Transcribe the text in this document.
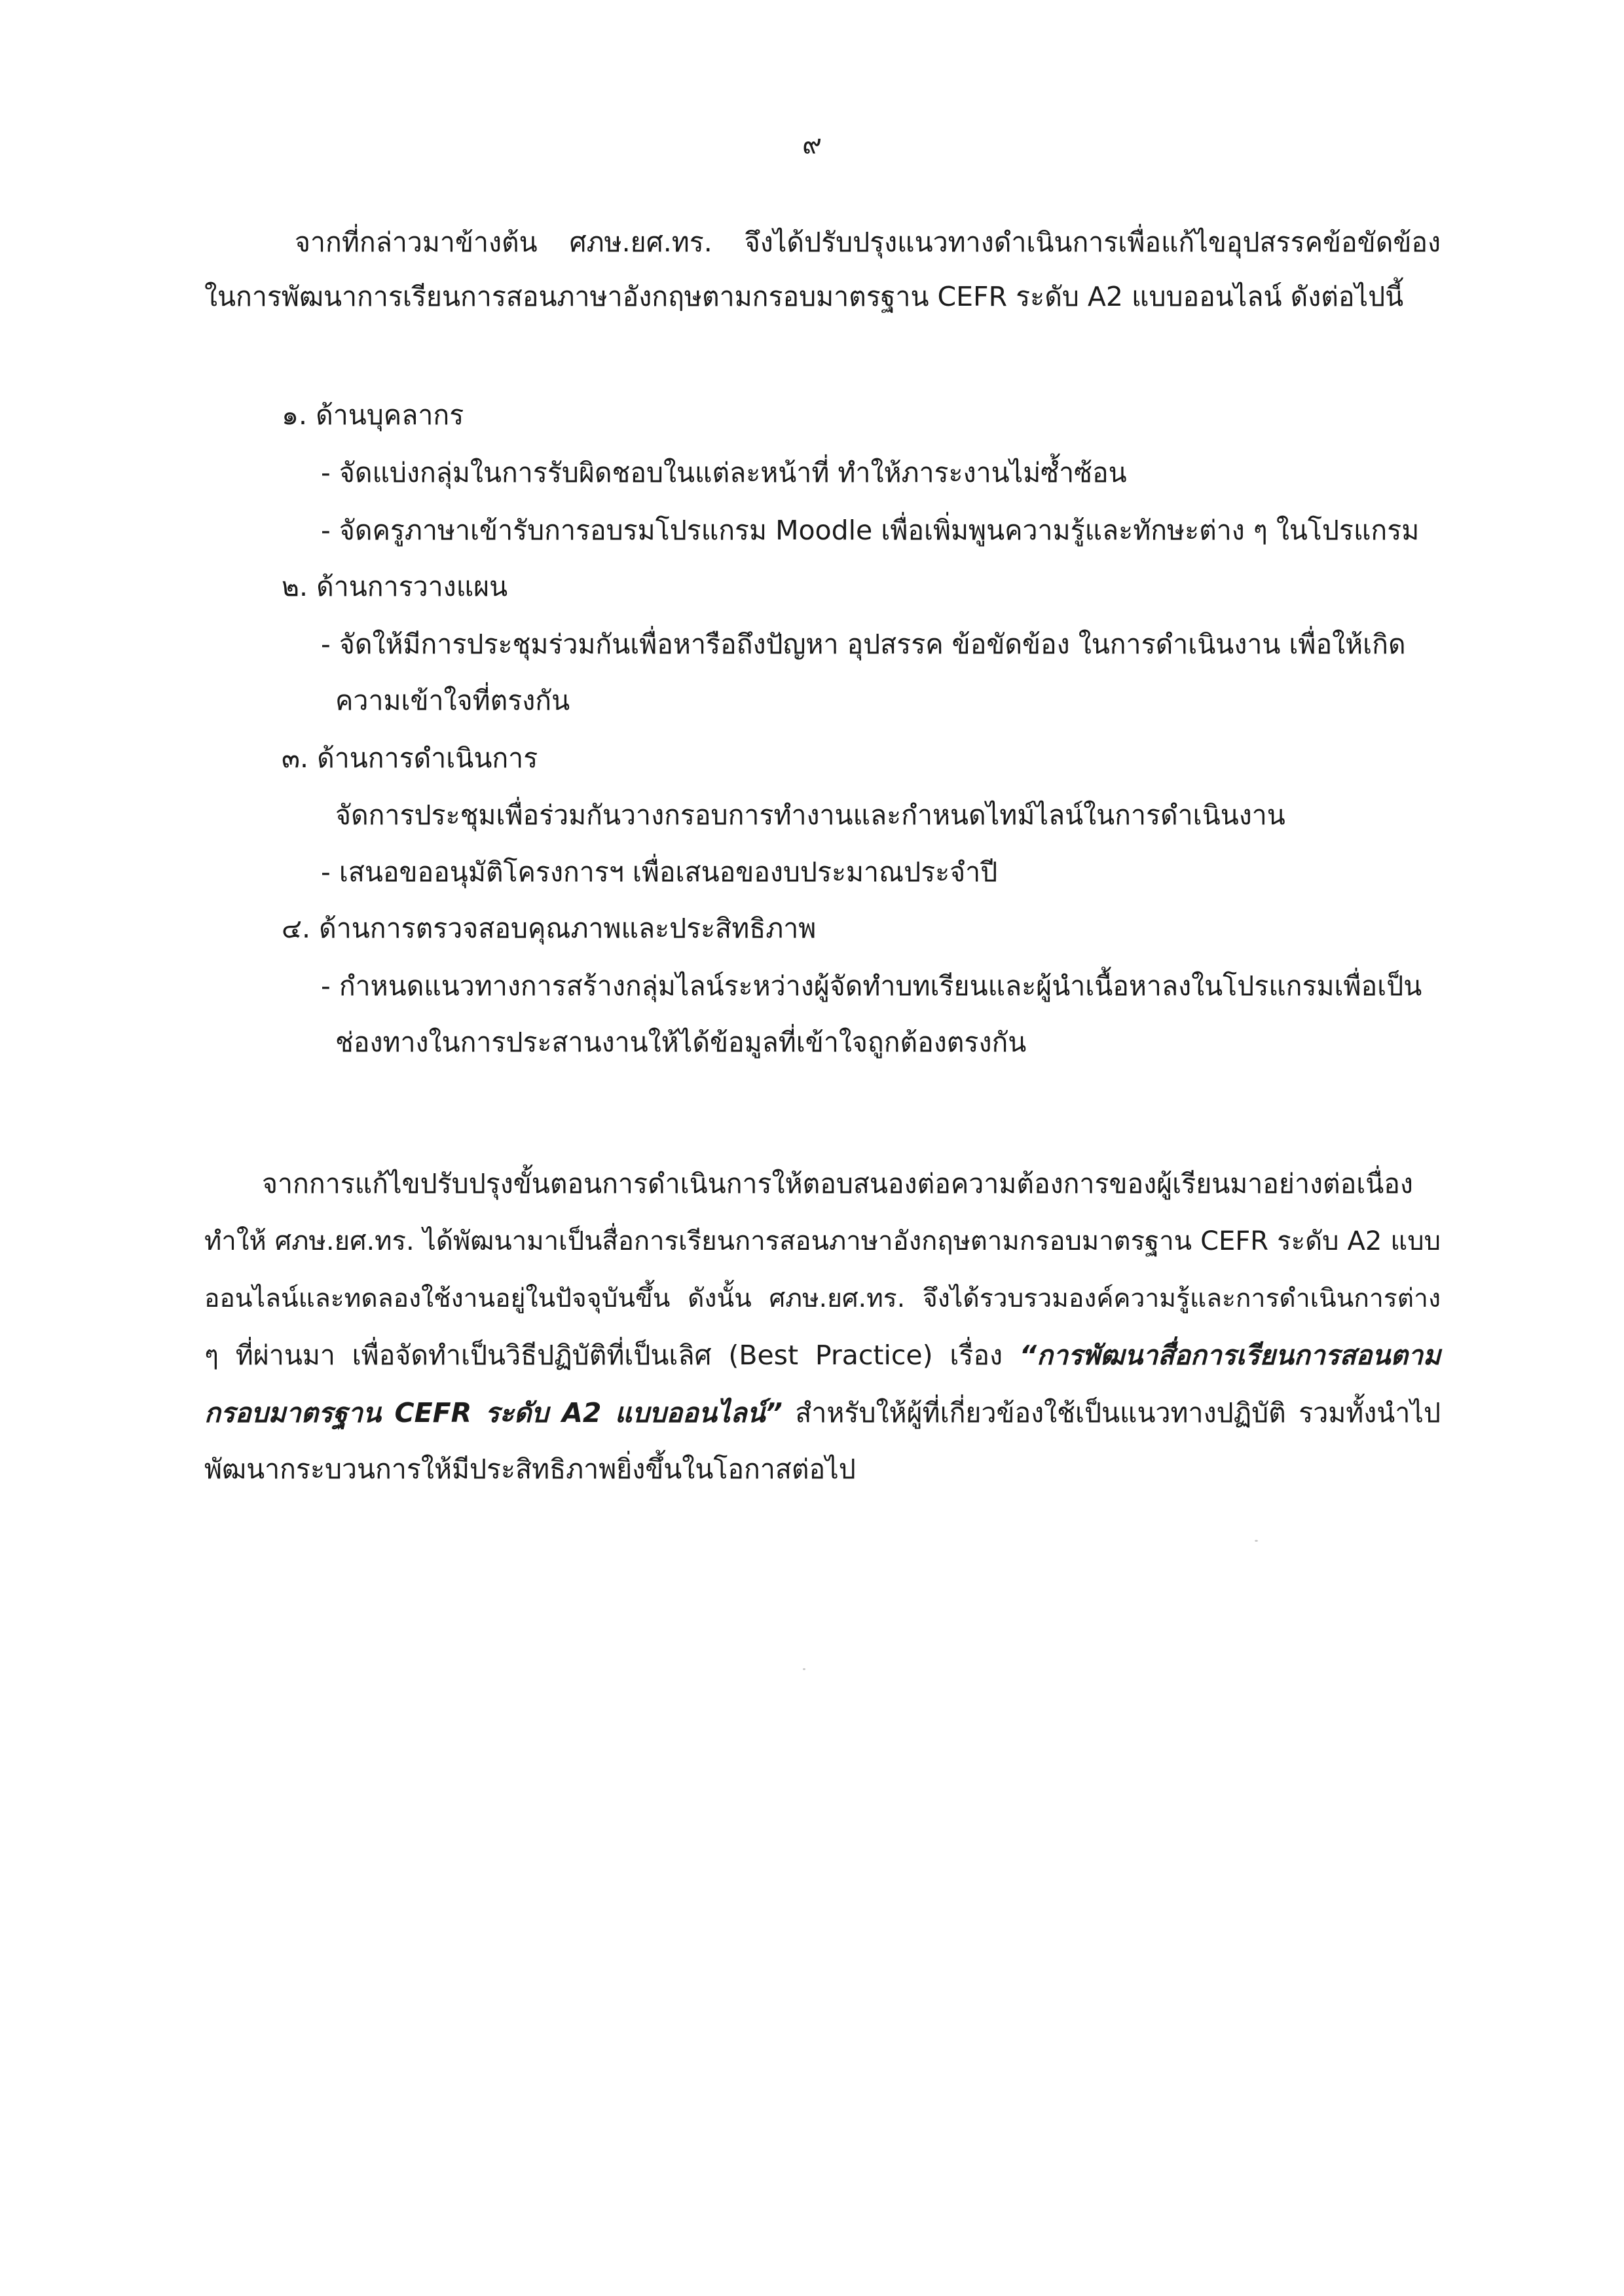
๙

จากที่กล่าวมาข้างต้น ศภษ.ยศ.ทร. จึงได้ปรับปรุงแนวทางดำเนินการเพื่อแก้ไขอุปสรรคข้อขัดข้อง

ในการพัฒนาการเรียนการสอนภาษาอังกฤษตามกรอบมาตรฐาน CEFR ระดับ A2 แบบออนไลน์ ดังต่อไปนี้

๑. ด้านบุคลากร

- จัดแบ่งกลุ่มในการรับผิดชอบในแต่ละหน้าที่ ทำให้ภาระงานไม่ซ้ำซ้อน

- จัดครูภาษาเข้ารับการอบรมโปรแกรม Moodle เพื่อเพิ่มพูนความรู้และทักษะต่าง ๆ ในโปรแกรม

๒. ด้านการวางแผน

- จัดให้มีการประชุมร่วมกันเพื่อหารือถึงปัญหา อุปสรรค ข้อขัดข้อง ในการดำเนินงาน เพื่อให้เกิด

ความเข้าใจที่ตรงกัน

๓. ด้านการดำเนินการ

จัดการประชุมเพื่อร่วมกันวางกรอบการทำงานและกำหนดไทม์ไลน์ในการดำเนินงาน

- เสนอขออนุมัติโครงการฯ เพื่อเสนอของบประมาณประจำปี

๔. ด้านการตรวจสอบคุณภาพและประสิทธิภาพ

- กำหนดแนวทางการสร้างกลุ่มไลน์ระหว่างผู้จัดทำบทเรียนและผู้นำเนื้อหาลงในโปรแกรมเพื่อเป็น

ช่องทางในการประสานงานให้ได้ข้อมูลที่เข้าใจถูกต้องตรงกัน

จากการแก้ไขปรับปรุงขั้นตอนการดำเนินการให้ตอบสนองต่อความต้องการของผู้เรียนมาอย่างต่อเนื่อง

ทำให้ ศภษ.ยศ.ทร. ได้พัฒนามาเป็นสื่อการเรียนการสอนภาษาอังกฤษตามกรอบมาตรฐาน CEFR ระดับ A2 แบบ

ออนไลน์และทดลองใช้งานอยู่ในปัจจุบันขึ้น ดังนั้น ศภษ.ยศ.ทร. จึงได้รวบรวมองค์ความรู้และการดำเนินการต่าง

ๆ ที่ผ่านมา เพื่อจัดทำเป็นวิธีปฏิบัติที่เป็นเลิศ (Best Practice) เรื่อง “การพัฒนาสื่อการเรียนการสอนตาม

กรอบมาตรฐาน CEFR ระดับ A2 แบบออนไลน์” สำหรับให้ผู้ที่เกี่ยวข้องใช้เป็นแนวทางปฏิบัติ รวมทั้งนำไป

พัฒนากระบวนการให้มีประสิทธิภาพยิ่งขึ้นในโอกาสต่อไป
